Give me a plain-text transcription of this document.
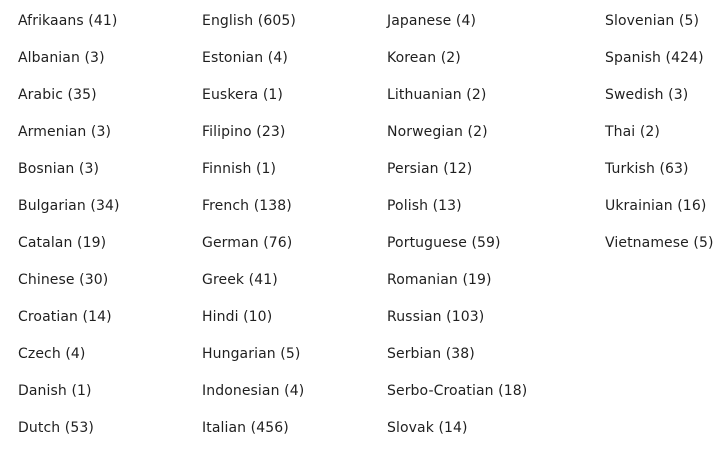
Afrikaans (41)
Albanian (3)
Arabic (35)
Armenian (3)
Bosnian (3)
Bulgarian (34)
Catalan (19)
Chinese (30)
Croatian (14)
Czech (4)
Danish (1)
Dutch (53)
English (605)
Estonian (4)
Euskera (1)
Filipino (23)
Finnish (1)
French (138)
German (76)
Greek (41)
Hindi (10)
Hungarian (5)
Indonesian (4)
Italian (456)
Japanese (4)
Korean (2)
Lithuanian (2)
Norwegian (2)
Persian (12)
Polish (13)
Portuguese (59)
Romanian (19)
Russian (103)
Serbian (38)
Serbo-Croatian (18)
Slovak (14)
Slovenian (5)
Spanish (424)
Swedish (3)
Thai (2)
Turkish (63)
Ukrainian (16)
Vietnamese (5)
